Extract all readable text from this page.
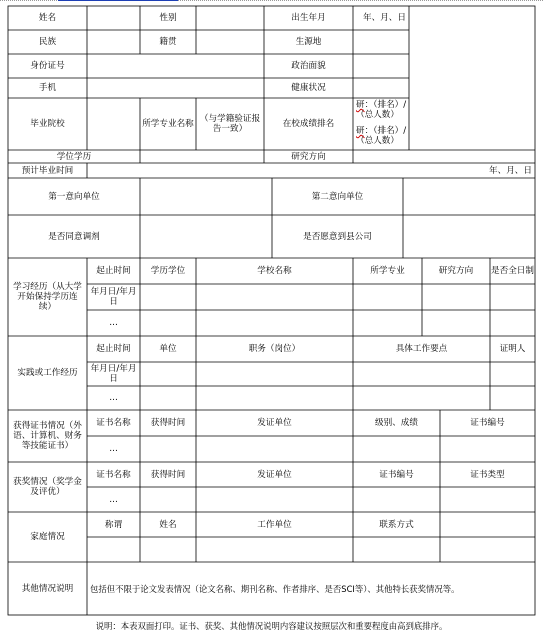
姓名	性别	出生年月	年、月、日
民族	籍贯	生源地
身份证号	政治面貌
手机	健康状况
毕业院校	所学专业名称 （与学籍验证报告一致）	在校成绩排名
研：（排名）/（总人数）
研：（排名）/（总人数）
学位学历	研究方向
预计毕业时间	年、月、日
第一意向单位	第二意向单位
是否同意调剂	是否愿意到县公司
学习经历（从大学开始保持学历连续）
起止时间	学历学位	学校名称	所学专业	研究方向	是否全日制
年月日/年月日
…
实践或工作经历
起止时间	单位	职务（岗位）	具体工作要点	证明人
年月日/年月日
…
获得证书情况（外语、计算机、财务等技能证书）
证书名称	获得时间	发证单位	级别、成绩	证书编号
…
获奖情况（奖学金及评优）
证书名称	获得时间	发证单位	证书编号	证书类型
…
家庭情况
称谓	姓名	工作单位	联系方式
其他情况说明	包括但不限于论文发表情况（论文名称、期刊名称、作者排序、是否SCI等）、其他特长获奖情况等。
说明：本表双面打印。证书、获奖、其他情况说明内容建议按照层次和重要程度由高到底排序。
